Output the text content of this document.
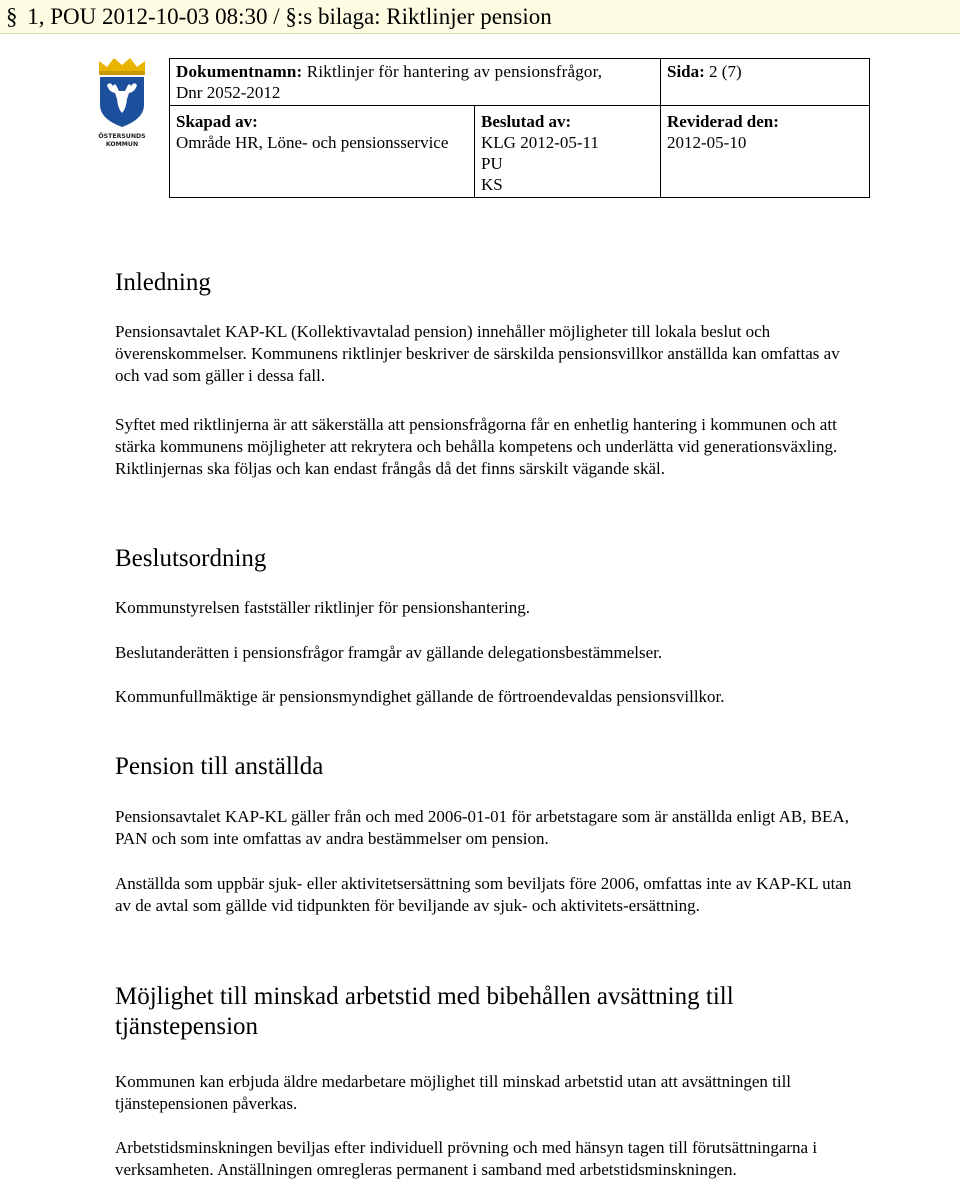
§ 1, POU 2012-10-03 08:30 / §:s bilaga: Riktlinjer pension
ÖSTERSUNDS
KOMMUN
Dokumentnamn: Riktlinjer för hantering av pensionsfrågor,
Dnr 2052-2012		Sida: 2 (7)
Skapad av:
Område HR, Löne- och pensionsservice	Beslutad av:
KLG 2012-05-11
PU
KS	Reviderad den:
2012-05-10
Inledning

Pensionsavtalet KAP-KL (Kollektivavtalad pension) innehåller möjligheter till lokala beslut och överenskommelser. Kommunens riktlinjer beskriver de särskilda pensionsvillkor anställda kan omfattas av och vad som gäller i dessa fall.

Syftet med riktlinjerna är att säkerställa att pensionsfrågorna får en enhetlig hantering i kommunen och att stärka kommunens möjligheter att rekrytera och behålla kompetens och underlätta vid generationsväxling. Riktlinjernas ska följas och kan endast frångås då det finns särskilt vägande skäl.

Beslutsordning

Kommunstyrelsen fastställer riktlinjer för pensionshantering.

Beslutanderätten i pensionsfrågor framgår av gällande delegationsbestämmelser.

Kommunfullmäktige är pensionsmyndighet gällande de förtroendevaldas pensionsvillkor.

Pension till anställda

Pensionsavtalet KAP-KL gäller från och med 2006-01-01 för arbetstagare som är anställda enligt AB, BEA, PAN och som inte omfattas av andra bestämmelser om pension.

Anställda som uppbär sjuk- eller aktivitetsersättning som beviljats före 2006, omfattas inte av KAP-KL utan av de avtal som gällde vid tidpunkten för beviljande av sjuk- och aktivitets-ersättning.

Möjlighet till minskad arbetstid med bibehållen avsättning till tjänstepension

Kommunen kan erbjuda äldre medarbetare möjlighet till minskad arbetstid utan att avsättningen till tjänstepensionen påverkas.

Arbetstidsminskningen beviljas efter individuell prövning och med hänsyn tagen till förutsättningarna i verksamheten. Anställningen omregleras permanent i samband med arbetstidsminskningen.
